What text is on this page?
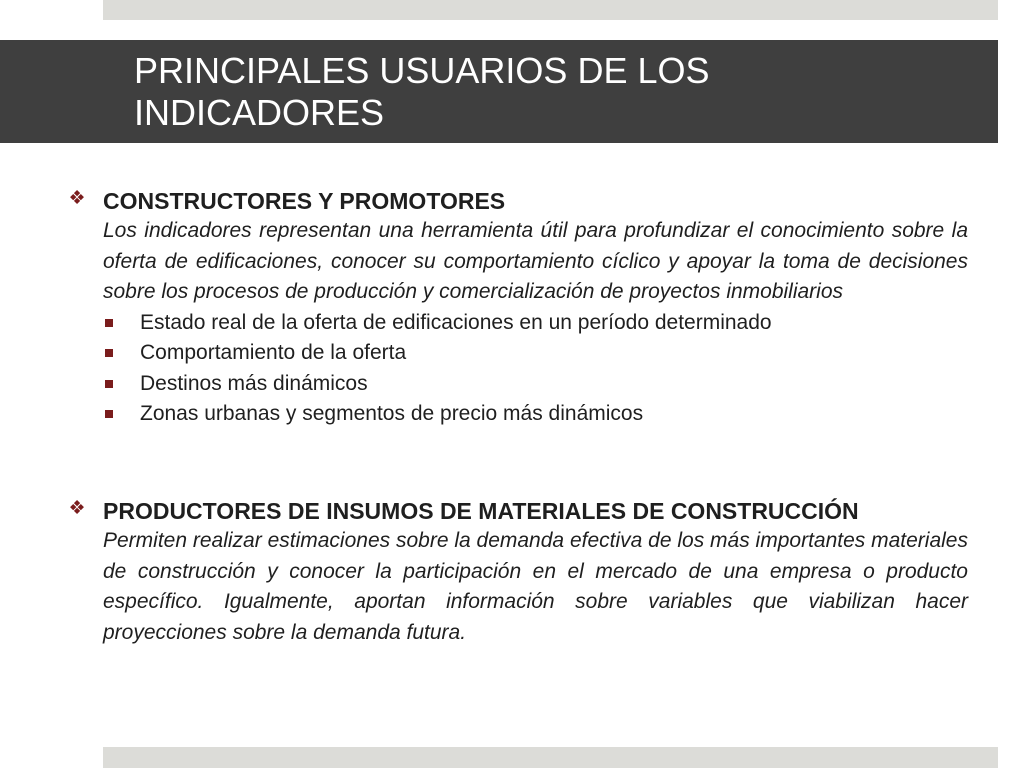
PRINCIPALES USUARIOS DE LOS INDICADORES
❖ CONSTRUCTORES Y PROMOTORES
Los indicadores representan una herramienta útil para profundizar el conocimiento sobre la oferta de edificaciones, conocer su comportamiento cíclico y apoyar la toma de decisiones sobre los procesos de producción y comercialización de proyectos inmobiliarios
Estado real de la oferta de edificaciones en un período determinado
Comportamiento de la oferta
Destinos más dinámicos
Zonas urbanas y segmentos de precio más dinámicos
❖ PRODUCTORES DE INSUMOS DE MATERIALES DE CONSTRUCCIÓN
Permiten realizar estimaciones sobre la demanda efectiva de los más importantes materiales de construcción y conocer la participación en el mercado de una empresa o producto específico. Igualmente, aportan información sobre variables que viabilizan hacer proyecciones sobre la demanda futura.
